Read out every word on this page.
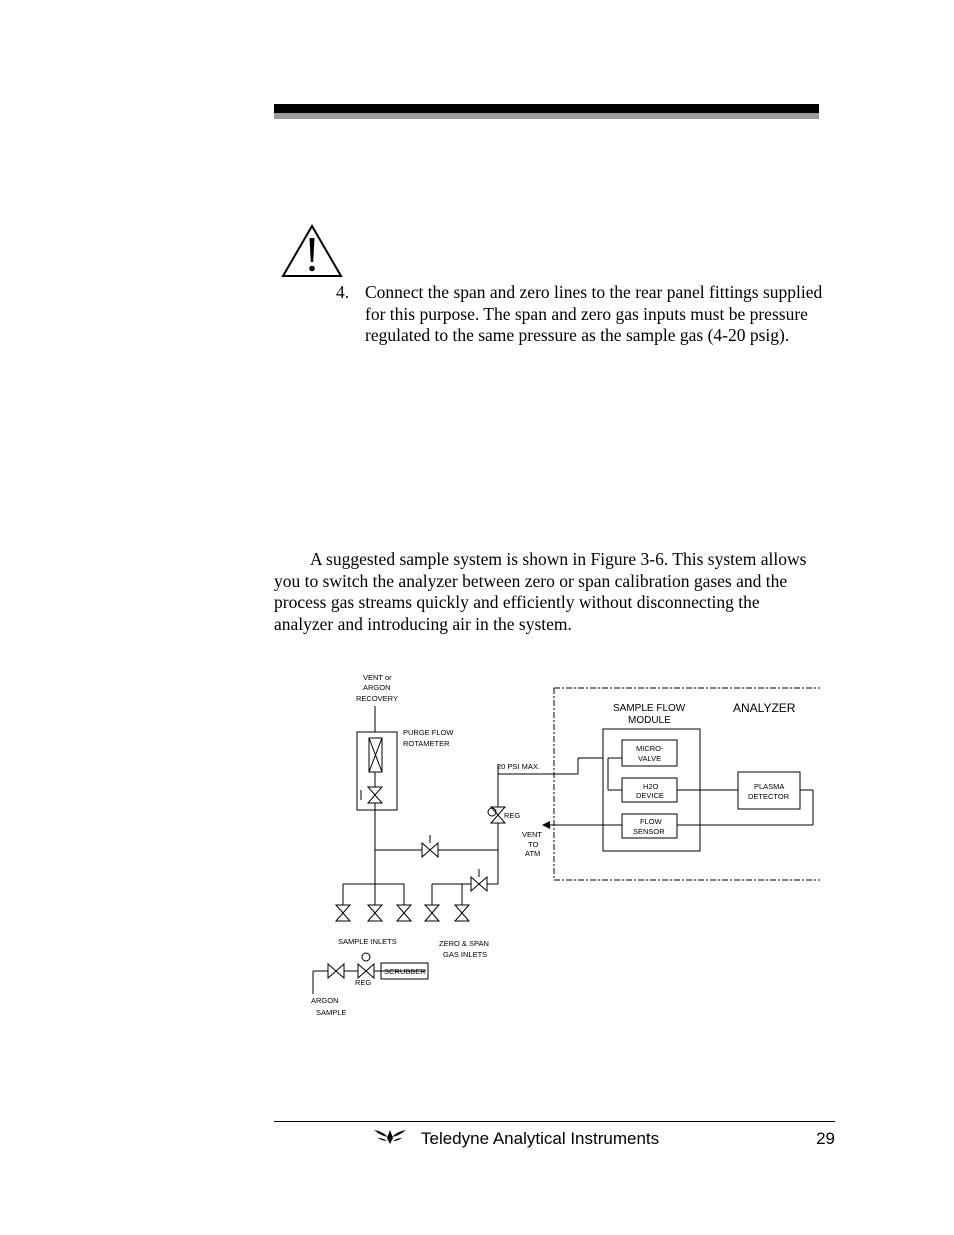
4. Connect the span and zero lines to the rear panel fittings supplied for this purpose. The span and zero gas inputs must be pressure regulated to the same pressure as the sample gas (4-20 psig).
A suggested sample system is shown in Figure 3-6. This system allows you to switch the analyzer between zero or span calibration gases and the process gas streams quickly and efficiently without disconnecting the analyzer and introducing air in the system.
VENT or
ARGON
RECOVERY
PURGE FLOW
ROTAMETER
20 PSI MAX.
REG
VENT
TO
ATM
SAMPLE FLOW
MODULE
ANALYZER
MICRO-
VALVE
H2O
DEVICE
FLOW
SENSOR
PLASMA
DETECTOR
SAMPLE INLETS	ZERO & SPAN
GAS INLETS
REG
SCRUBBER
ARGON
SAMPLE
Teledyne Analytical Instruments	29
